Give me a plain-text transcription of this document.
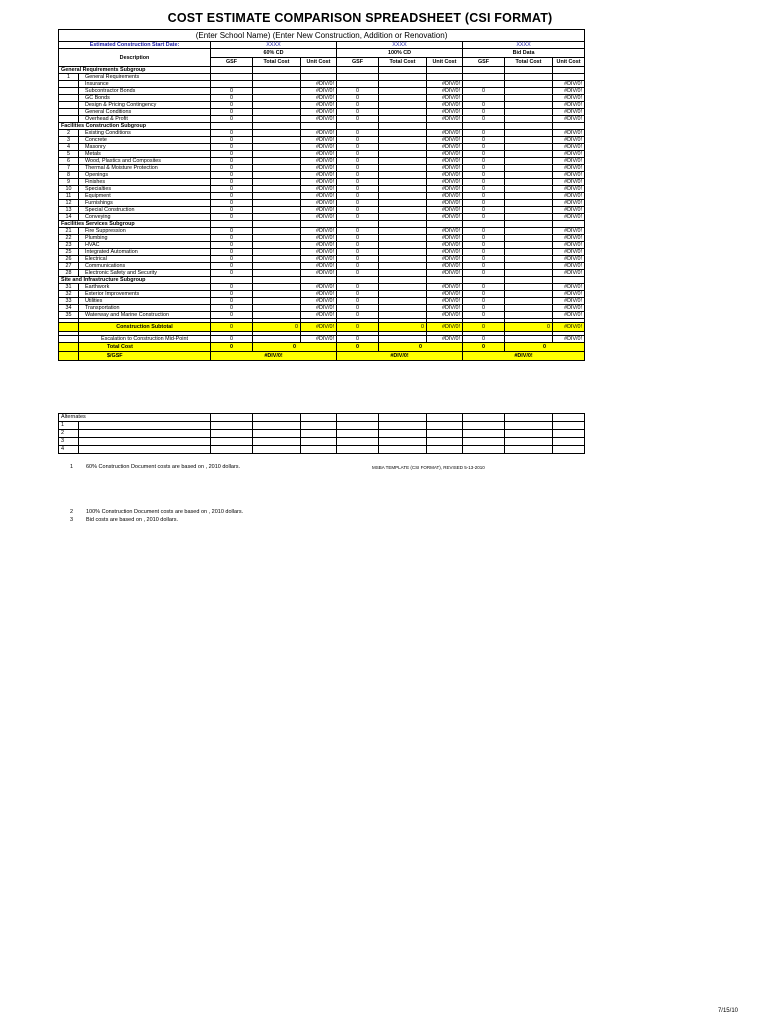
COST ESTIMATE COMPARISON SPREADSHEET (CSI FORMAT)
(Enter School Name) (Enter New Construction, Addition or Renovation)										
Estimated Construction Start Date:		XXXX			XXXX			XXXX		
Description		60% CD			100% CD			Bid Data		
		GSF	Total Cost	Unit Cost	GSF	Total Cost	Unit Cost	GSF	Total Cost	Unit Cost
General Requirements Subgroup										
1	General Requirements									
	Insurance			#DIV/0!			#DIV/0!			#DIV/0!
	Subcontractor Bonds	0		#DIV/0!	0		#DIV/0!	0		#DIV/0!
	GC Bonds	0		#DIV/0!	0		#DIV/0!			#DIV/0!
	Design & Pricing Contingency	0		#DIV/0!	0		#DIV/0!	0		#DIV/0!
	General Conditions	0		#DIV/0!	0		#DIV/0!	0		#DIV/0!
	Overhead & Profit	0		#DIV/0!	0		#DIV/0!	0		#DIV/0!
Facilities Construction Subgroup										
2	Existing Conditions	0		#DIV/0!	0		#DIV/0!	0		#DIV/0!
3	Concrete	0		#DIV/0!	0		#DIV/0!	0		#DIV/0!
4	Masonry	0		#DIV/0!	0		#DIV/0!	0		#DIV/0!
5	Metals	0		#DIV/0!	0		#DIV/0!	0		#DIV/0!
6	Wood, Plastics and Composites	0		#DIV/0!	0		#DIV/0!	0		#DIV/0!
7	Thermal & Moisture Protection	0		#DIV/0!	0		#DIV/0!	0		#DIV/0!
8	Openings	0		#DIV/0!	0		#DIV/0!	0		#DIV/0!
9	Finishes	0		#DIV/0!	0		#DIV/0!	0		#DIV/0!
10	Specialties	0		#DIV/0!	0		#DIV/0!	0		#DIV/0!
11	Equipment	0		#DIV/0!	0		#DIV/0!	0		#DIV/0!
12	Furnishings	0		#DIV/0!	0		#DIV/0!	0		#DIV/0!
13	Special Construction	0		#DIV/0!	0		#DIV/0!	0		#DIV/0!
14	Conveying	0		#DIV/0!	0		#DIV/0!	0		#DIV/0!
Facilities Services Subgroup										
21	Fire Suppression	0		#DIV/0!	0		#DIV/0!	0		#DIV/0!
22	Plumbing	0		#DIV/0!	0		#DIV/0!	0		#DIV/0!
23	HVAC	0		#DIV/0!	0		#DIV/0!	0		#DIV/0!
25	Integrated Automation	0		#DIV/0!	0		#DIV/0!	0		#DIV/0!
26	Electrical	0		#DIV/0!	0		#DIV/0!	0		#DIV/0!
27	Communications	0		#DIV/0!	0		#DIV/0!	0		#DIV/0!
28	Electronic Safety and Security	0		#DIV/0!	0		#DIV/0!	0		#DIV/0!
Site and Infrastructure Subgroup										
31	Earthwork	0		#DIV/0!	0		#DIV/0!	0		#DIV/0!
32	Exterior Improvements	0		#DIV/0!	0		#DIV/0!	0		#DIV/0!
33	Utilities	0		#DIV/0!	0		#DIV/0!	0		#DIV/0!
34	Transportation	0		#DIV/0!	0		#DIV/0!	0		#DIV/0!
35	Waterway and Marine Construction	0		#DIV/0!	0		#DIV/0!	0		#DIV/0!

	Construction Subtotal	0	0	#DIV/0!	0	0	#DIV/0!	0	0	#DIV/0!

	Escalation to Construction Mid-Point	0		#DIV/0!	0		#DIV/0!	0		#DIV/0!
	Total Cost	0	0		0	0		0	0	
	$/GSF	#DIV/0!			#DIV/0!			#DIV/0!		
Alternates										
1										
2										
3										
4										
1 60% Construction Document costs are based on , 2010 dollars.	MSBA TEMPLATE (CSI FORMAT), REVISED 5-13-2010
2 100% Construction Document costs are based on , 2010 dollars.
3 Bid costs are based on , 2010 dollars.
7/15/10
